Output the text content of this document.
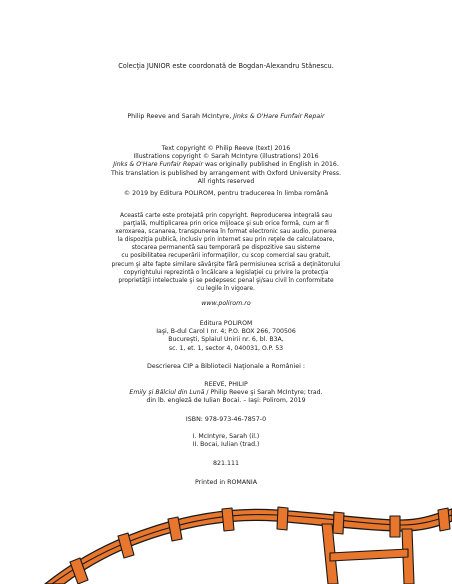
Colecţia JUNIOR este coordonată de Bogdan-Alexandru Stănescu.
Philip Reeve and Sarah McIntyre, Jinks & O'Hare Funfair Repair
Text copyright © Philip Reeve (text) 2016
Illustrations copyright © Sarah McIntyre (illustrations) 2016
Jinks & O'Hare Funfair Repair was originally published in English in 2016.
This translation is published by arrangement with Oxford University Press.
All rights reserved
© 2019 by Editura POLIROM, pentru traducerea în limba română
Această carte este protejată prin copyright. Reproducerea integrală sau
parţială, multiplicarea prin orice mijloace şi sub orice formă, cum ar fi
xeroxarea, scanarea, transpunerea în format electronic sau audio, punerea
la dispoziţia publică, inclusiv prin internet sau prin reţele de calculatoare,
stocarea permanentă sau temporară pe dispozitive sau sisteme
cu posibilitatea recuperării informaţiilor, cu scop comercial sau gratuit,
precum şi alte fapte similare săvârşite fără permisiunea scrisă a deţinătorului
copyrightului reprezintă o încălcare a legislaţiei cu privire la protecţia
proprietăţii intelectuale şi se pedepsesc penal şi/sau civil în conformitate
cu legile în vigoare.
www.polirom.ro
Editura POLIROM
Iaşi, B-dul Carol I nr. 4; P.O. BOX 266, 700506
Bucureşti, Splaiul Unirii nr. 6, bl. B3A,
sc. 1, et. 1, sector 4, 040031, O.P. 53
Descrierea CIP a Bibliotecii Naţionale a României :
REEVE, PHILIP
Emily şi Bâlciul din Lună / Philip Reeve şi Sarah McIntyre; trad.
din lb. engleză de Iulian Bocai. – Iaşi: Polirom, 2019
ISBN: 978-973-46-7857-0
I. McIntyre, Sarah (il.)
II. Bocai, Iulian (trad.)
821.111
Printed in ROMANIA
